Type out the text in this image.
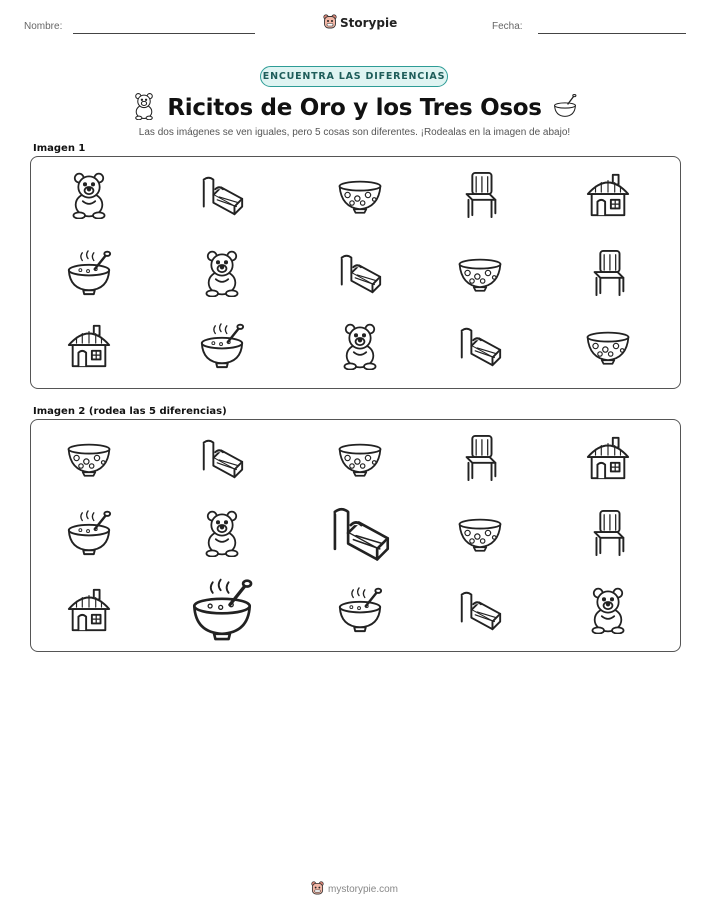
Nombre:	Storypie	Fecha:
ENCUENTRA LAS DIFERENCIAS
Ricitos de Oro y los Tres Osos
Las dos imágenes se ven iguales, pero 5 cosas son diferentes. ¡Rodealas en la imagen de abajo!
Imagen 1
Imagen 2 (rodea las 5 diferencias)
mystorypie.com
